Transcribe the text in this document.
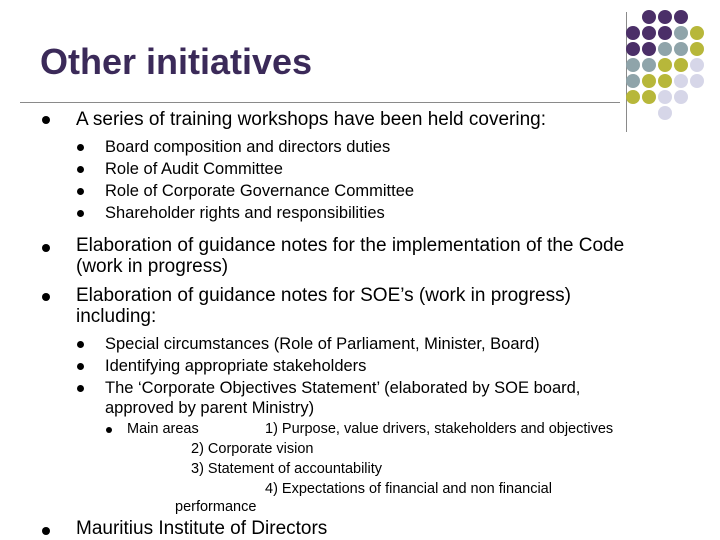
Other initiatives
A series of training workshops have been held covering:
Board composition and directors duties
Role of Audit Committee
Role of Corporate Governance Committee
Shareholder rights and responsibilities
Elaboration of guidance notes for the implementation of the Code
(work in progress)
Elaboration of guidance notes for SOE’s (work in progress)
including:
Special circumstances (Role of Parliament, Minister, Board)
Identifying appropriate stakeholders
The ‘Corporate Objectives Statement’ (elaborated by SOE board,
approved by parent Ministry)
Main areas	1) Purpose, value drivers, stakeholders and objectives
2) Corporate vision
3) Statement of accountability
4) Expectations of financial and non financial
performance
Mauritius Institute of Directors
